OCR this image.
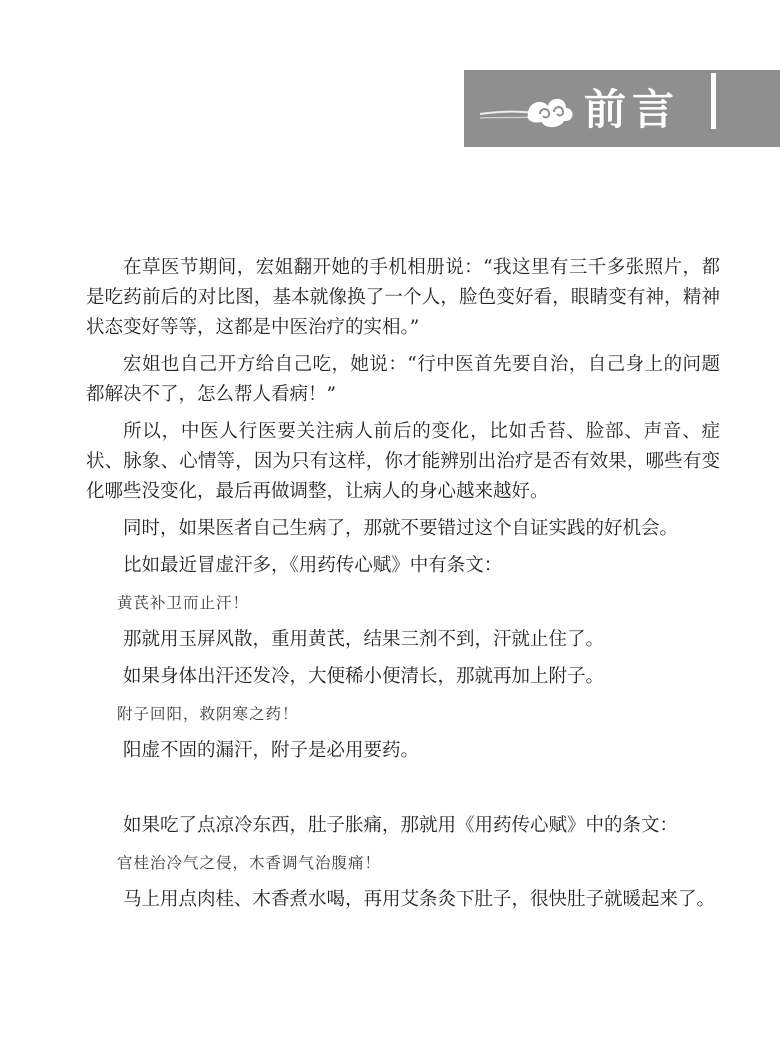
前言

在草医节期间，宏姐翻开她的手机相册说：“我这里有三千多张照片，都是吃药前后的对比图，基本就像换了一个人，脸色变好看，眼睛变有神，精神状态变好等等，这都是中医治疗的实相。”

宏姐也自己开方给自己吃，她说：“行中医首先要自治，自己身上的问题都解决不了，怎么帮人看病！”

所以，中医人行医要关注病人前后的变化，比如舌苔、脸部、声音、症状、脉象、心情等，因为只有这样，你才能辨别出治疗是否有效果，哪些有变化哪些没变化，最后再做调整，让病人的身心越来越好。

同时，如果医者自己生病了，那就不要错过这个自证实践的好机会。

比如最近冒虚汗多，《用药传心赋》中有条文：

黄芪补卫而止汗！

那就用玉屏风散，重用黄芪，结果三剂不到，汗就止住了。

如果身体出汗还发冷，大便稀小便清长，那就再加上附子。

附子回阳，救阴寒之药！

阳虚不固的漏汗，附子是必用要药。

如果吃了点凉冷东西，肚子胀痛，那就用《用药传心赋》中的条文：

官桂治冷气之侵，木香调气治腹痛！

马上用点肉桂、木香煮水喝，再用艾条灸下肚子，很快肚子就暖起来了。
